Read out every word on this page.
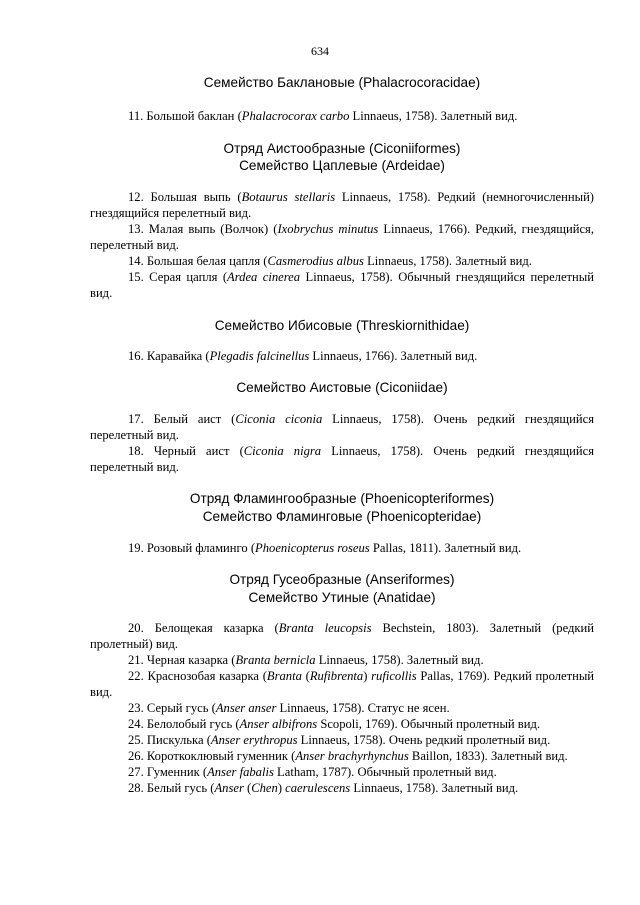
634
Семейство Баклановые (Phalacrocoracidae)

11. Большой баклан (Phalacrocorax carbo Linnaeus, 1758). Залетный вид.

Отряд Аистообразные (Ciconiiformes)
Семейство Цаплевые (Ardeidae)

12. Большая выпь (Botaurus stellaris Linnaeus, 1758). Редкий (немногочисленный) гнездящийся перелетный вид.

13. Малая выпь (Волчок) (Ixobrychus minutus Linnaeus, 1766). Редкий, гнездящийся, перелетный вид.

14. Большая белая цапля (Casmerodius albus Linnaeus, 1758). Залетный вид.

15. Серая цапля (Ardea cinerea Linnaeus, 1758). Обычный гнездящийся перелетный вид.

Семейство Ибисовые (Threskiornithidae)

16. Каравайка (Plegadis falcinellus Linnaeus, 1766). Залетный вид.

Семейство Аистовые (Ciconiidae)

17. Белый аист (Ciconia ciconia Linnaeus, 1758). Очень редкий гнездящийся перелетный вид.

18. Черный аист (Ciconia nigra Linnaeus, 1758). Очень редкий гнездящийся перелетный вид.

Отряд Фламингообразные (Phoenicopteriformes)
Семейство Фламинговые (Phoenicopteridae)

19. Розовый фламинго (Phoenicopterus roseus Pallas, 1811). Залетный вид.

Отряд Гусеобразные (Anseriformes)
Семейство Утиные (Anatidae)

20. Белощекая казарка (Branta leucopsis Bechstein, 1803). Залетный (редкий пролетный) вид.

21. Черная казарка (Branta bernicla Linnaeus, 1758). Залетный вид.

22. Краснозобая казарка (Branta (Rufibrenta) ruficollis Pallas, 1769). Редкий пролетный вид.

23. Серый гусь (Anser anser Linnaeus, 1758). Статус не ясен.

24. Белолобый гусь (Anser albifrons Scopoli, 1769). Обычный пролетный вид.

25. Пискулька (Anser erythropus Linnaeus, 1758). Очень редкий пролетный вид.

26. Короткоклювый гуменник (Anser brachyrhynchus Baillon, 1833). Залетный вид.

27. Гуменник (Anser fabalis Latham, 1787). Обычный пролетный вид.

28. Белый гусь (Anser (Chen) caerulescens Linnaeus, 1758). Залетный вид.
